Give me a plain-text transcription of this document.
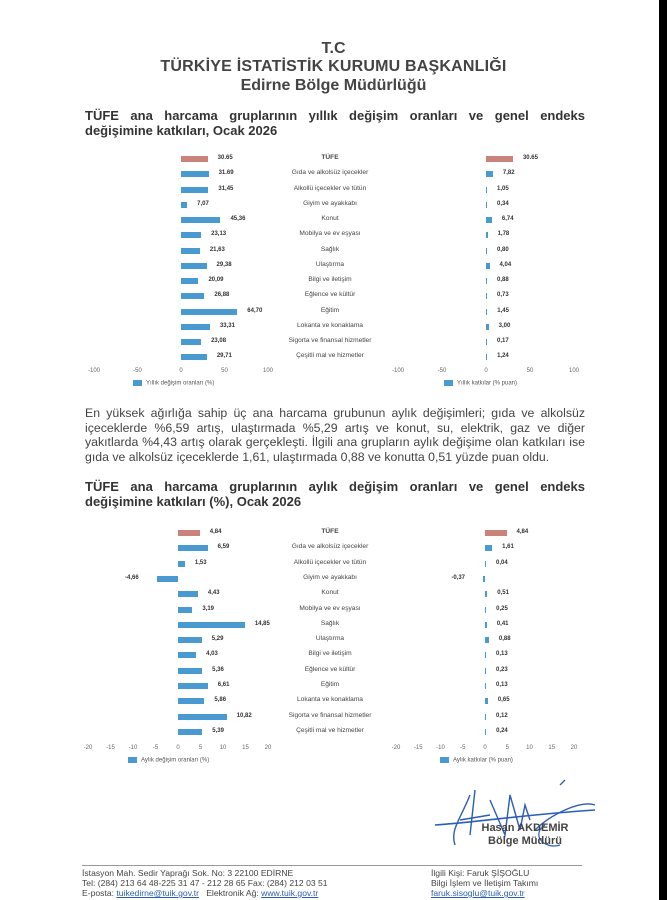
T.C
TÜRKİYE İSTATİSTİK KURUMU BAŞKANLIĞI
Edirne Bölge Müdürlüğü
TÜFE ana harcama gruplarının yıllık değişim oranları ve genel endeks değişimine katkıları, Ocak 2026
TÜFE
30.65	30.65
Gıda ve alkolsüz içecekler
31.69	7,82
Alkollü içecekler ve tütün
31,45	1,05
Giyim ve ayakkabı
7,07	0,34
Konut
45,36	6,74
Mobilya ve ev eşyası
23,13	1,78
Sağlık
21,63	0,80
Ulaştırma
29,38	4,04
Bilgi ve iletişim
20,09	0,88
Eğlence ve kültür
26,88	0,73
Eğitim
64,70	1,45
Lokanta ve konaklama
33,31	3,00
Sigorta ve finansal hizmetler
23,08	0,17
Çeşitli mal ve hizmetler
29,71	1,24
-100	-50	0	50	100
Yıllık değişim oranları (%)
-100	-50	0	50	100
Yıllık katkılar (% puan)
En yüksek ağırlığa sahip üç ana harcama grubunun aylık değişimleri; gıda ve alkolsüz içeceklerde %6,59 artış, ulaştırmada %5,29 artış ve konut, su, elektrik, gaz ve diğer yakıtlarda %4,43 artış olarak gerçekleşti. İlgili ana grupların aylık değişime olan katkıları ise gıda ve alkolsüz içeceklerde 1,61, ulaştırmada 0,88 ve konutta 0,51 yüzde puan oldu.
TÜFE ana harcama gruplarının aylık değişim oranları ve genel endeks değişimine katkıları (%), Ocak 2026
TÜFE
4,84	4,84
Gıda ve alkolsüz içecekler
6,59	1,61
Alkollü içecekler ve tütün
1,53	0,04
Giyim ve ayakkabı
-4,66	-0,37
Konut
4,43	0,51
Mobilya ve ev eşyası
3,19	0,25
Sağlık
14,85	0,41
Ulaştırma
5,29	0,88
Bilgi ve iletişim
4,03	0,13
Eğlence ve kültür
5,36	0,23
Eğitim
6,61	0,13
Lokanta ve konaklama
5,86	0,65
Sigorta ve finansal hizmetler
10,82	0,12
Çeşitli mal ve hizmetler
5,39	0,24
-20 -15 -10	-5	0	5	10	15	20
Aylık değişim oranları (%)
-20 -15 -10	-5	0	5	10	15	20
Aylık katkılar (% puan)
Hasan AKDEMİR
Bölge Müdürü
İstasyon Mah. Sedir Yaprağı Sok. No: 3 22100 EDİRNE
Tel: (284) 213 64 48-225 31 47 - 212 28 65 Fax: (284) 212 03 51
E-posta: tuikedirne@tuik.gov.tr Elektronik Ağ: www.tuik.gov.tr
İlgili Kişi: Faruk ŞİŞOĞLU
Bilgi İşlem ve İletişim Takımı
faruk.sisoglu@tuik.gov.tr
